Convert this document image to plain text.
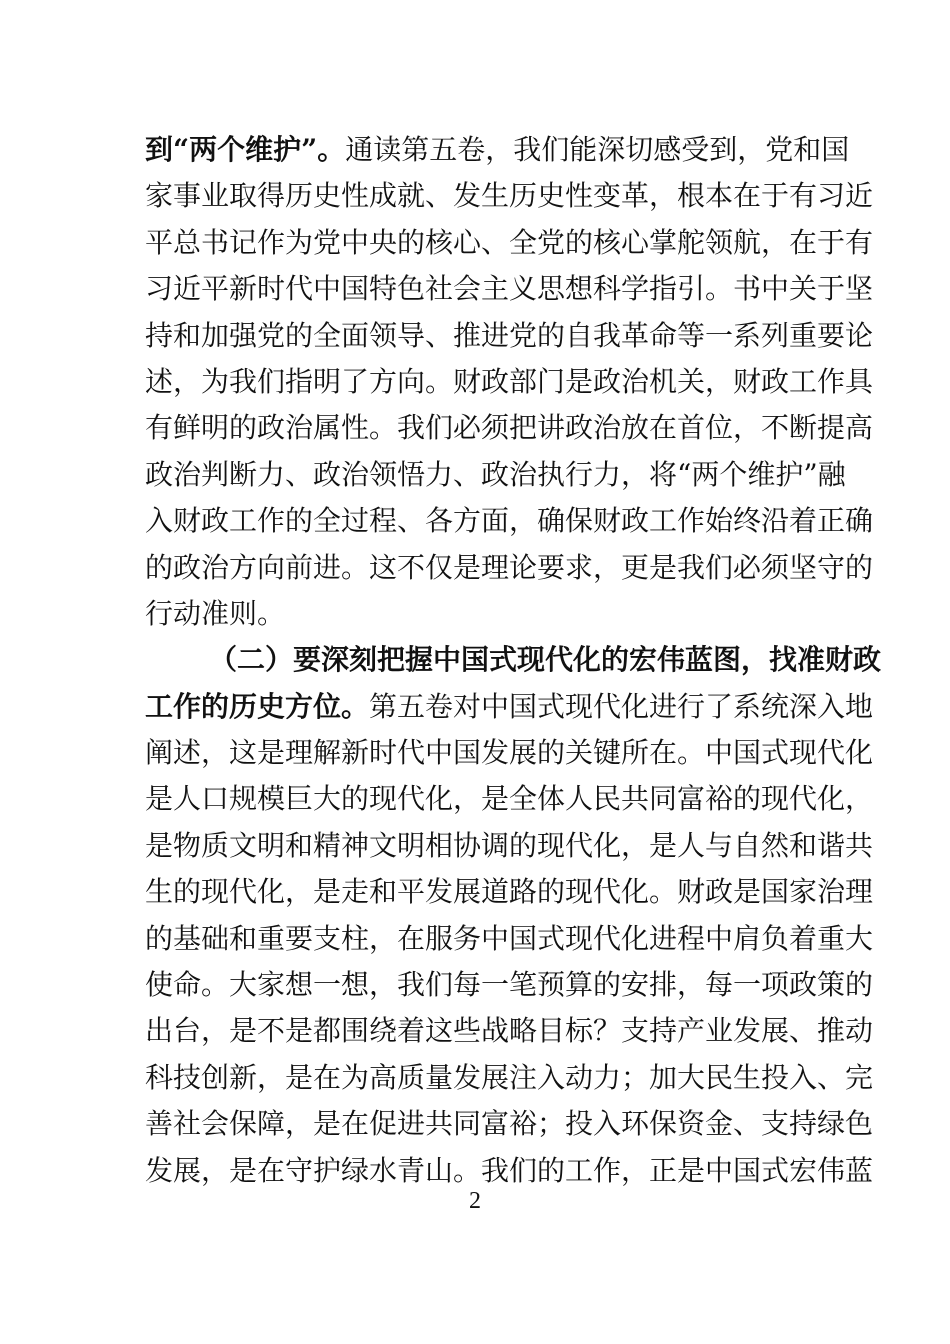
到“两个维护”。通读第五卷，我们能深切感受到，党和国
家事业取得历史性成就、发生历史性变革，根本在于有习近
平总书记作为党中央的核心、全党的核心掌舵领航，在于有
习近平新时代中国特色社会主义思想科学指引。书中关于坚
持和加强党的全面领导、推进党的自我革命等一系列重要论
述，为我们指明了方向。财政部门是政治机关，财政工作具
有鲜明的政治属性。我们必须把讲政治放在首位，不断提高
政治判断力、政治领悟力、政治执行力，将“两个维护”融
入财政工作的全过程、各方面，确保财政工作始终沿着正确
的政治方向前进。这不仅是理论要求，更是我们必须坚守的
行动准则。
（二）要深刻把握中国式现代化的宏伟蓝图，找准财政
工作的历史方位。第五卷对中国式现代化进行了系统深入地
阐述，这是理解新时代中国发展的关键所在。中国式现代化
是人口规模巨大的现代化，是全体人民共同富裕的现代化，
是物质文明和精神文明相协调的现代化，是人与自然和谐共
生的现代化，是走和平发展道路的现代化。财政是国家治理
的基础和重要支柱，在服务中国式现代化进程中肩负着重大
使命。大家想一想，我们每一笔预算的安排，每一项政策的
出台，是不是都围绕着这些战略目标？支持产业发展、推动
科技创新，是在为高质量发展注入动力；加大民生投入、完
善社会保障，是在促进共同富裕；投入环保资金、支持绿色
发展，是在守护绿水青山。我们的工作，正是中国式宏伟蓝
2
